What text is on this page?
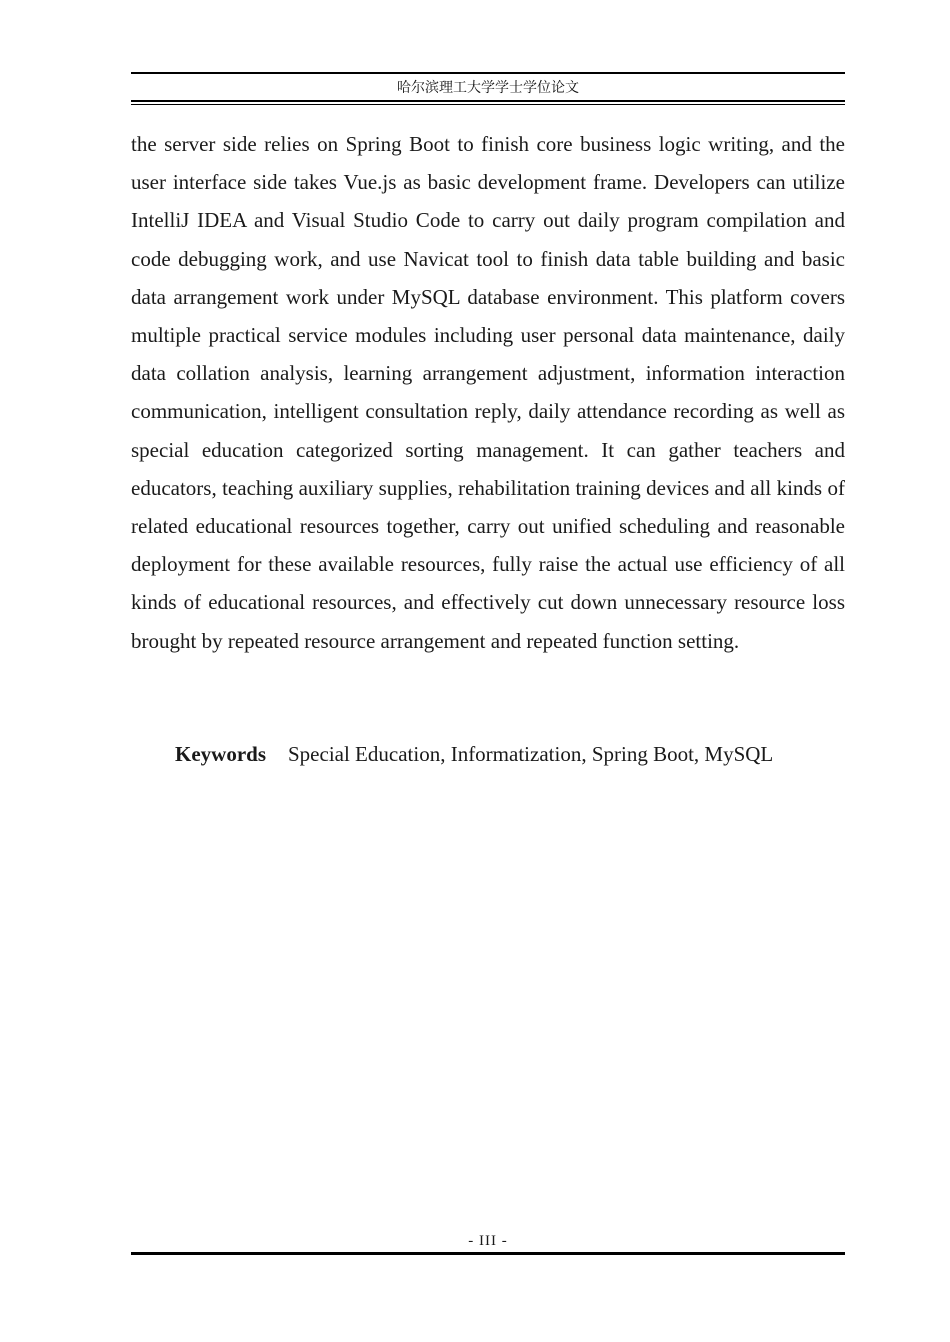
哈尔滨理工大学学士学位论文

the server side relies on Spring Boot to finish core business logic writing, and the user interface side takes Vue.js as basic development frame. Developers can utilize IntelliJ IDEA and Visual Studio Code to carry out daily program compilation and code debugging work, and use Navicat tool to finish data table building and basic data arrangement work under MySQL database environment. This platform covers multiple practical service modules including user personal data maintenance, daily data collation analysis, learning arrangement adjustment, information interaction communication, intelligent consultation reply, daily attendance recording as well as special education categorized sorting management. It can gather teachers and educators, teaching auxiliary supplies, rehabilitation training devices and all kinds of related educational resources together, carry out unified scheduling and reasonable deployment for these available resources, fully raise the actual use efficiency of all kinds of educational resources, and effectively cut down unnecessary resource loss brought by repeated resource arrangement and repeated function setting.

Keywords Special Education, Informatization, Spring Boot, MySQL
- III -
